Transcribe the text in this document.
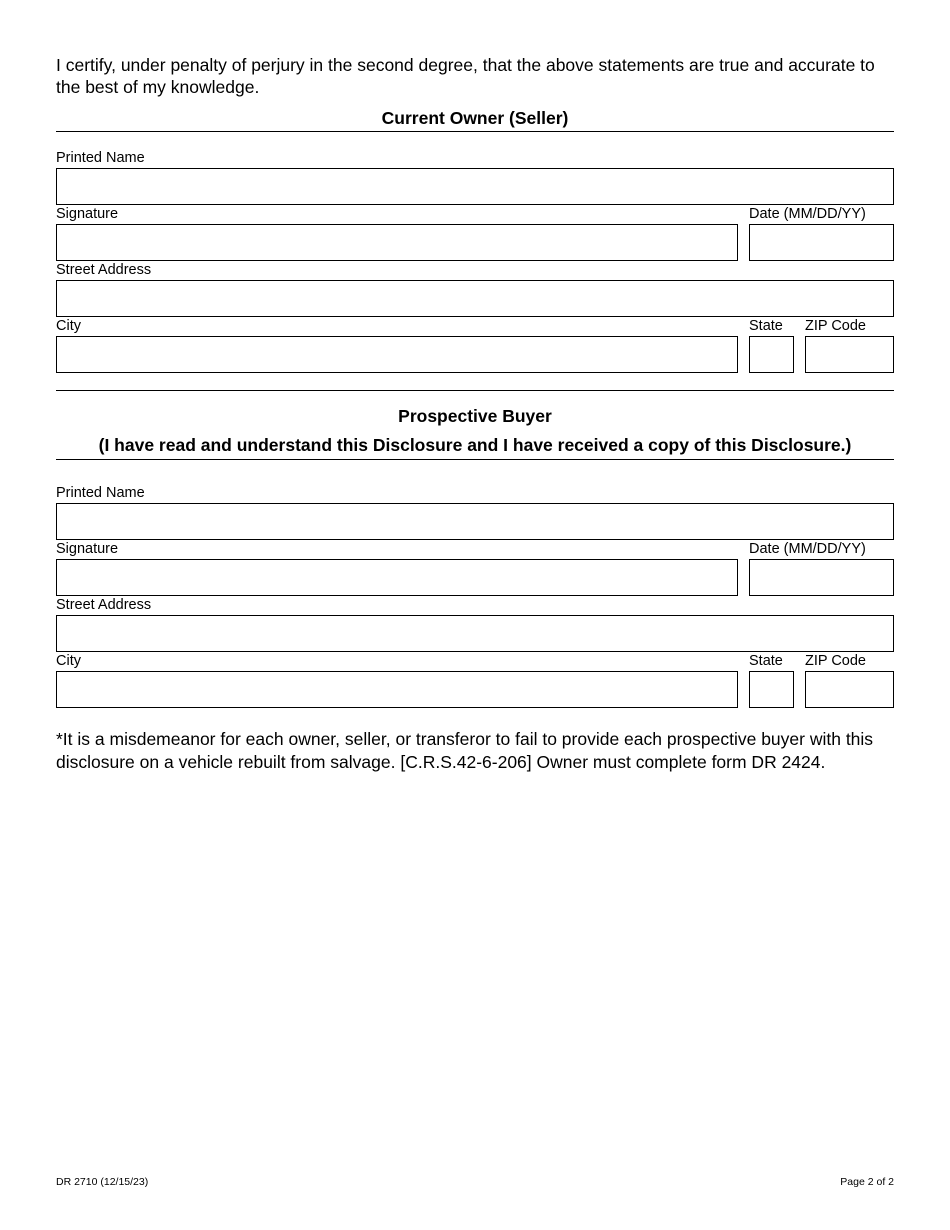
I certify, under penalty of perjury in the second degree, that the above statements are true and accurate to the best of my knowledge.
Current Owner (Seller)
Printed Name
Signature	Date (MM/DD/YY)
Street Address
City	State ZIP Code
Prospective Buyer
(I have read and understand this Disclosure and I have received a copy of this Disclosure.)
Printed Name
Signature	Date (MM/DD/YY)
Street Address
City	State ZIP Code
*It is a misdemeanor for each owner, seller, or transferor to fail to provide each prospective buyer with this disclosure on a vehicle rebuilt from salvage. [C.R.S.42-6-206] Owner must complete form DR 2424.
DR 2710 (12/15/23)	Page 2 of 2
